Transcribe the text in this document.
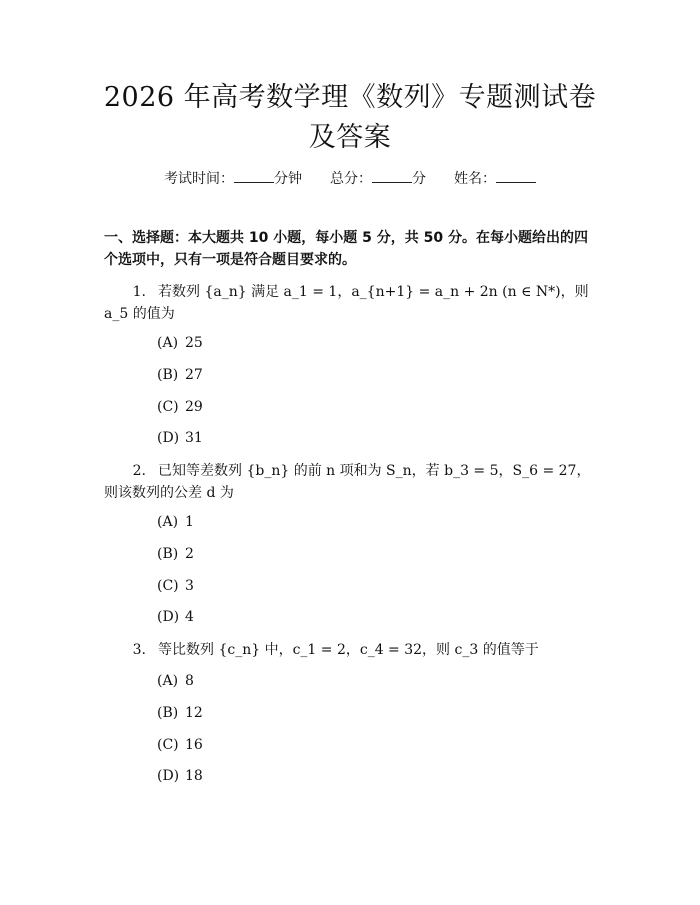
2026 年高考数学理《数列》专题测试卷及答案
考试时间：	分钟 总分：	分 姓名：
一、选择题：本大题共 10 小题，每小题 5 分，共 50 分。在每小题给出的四个选项中，只有一项是符合题目要求的。
1. 若数列 {a_n} 满足 a_1 = 1，a_{n+1} = a_n + 2n (n ∈ N*)，则 a_5 的值为
(A) 25
(B) 27
(C) 29
(D) 31
2. 已知等差数列 {b_n} 的前 n 项和为 S_n，若 b_3 = 5，S_6 = 27，则该数列的公差 d 为
(A) 1
(B) 2
(C) 3
(D) 4
3. 等比数列 {c_n} 中，c_1 = 2，c_4 = 32，则 c_3 的值等于
(A) 8
(B) 12
(C) 16
(D) 18
